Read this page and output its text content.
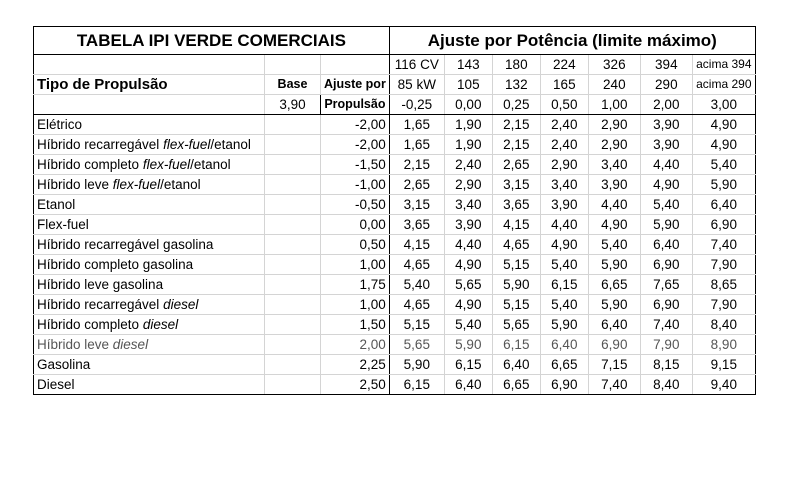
TABELA IPI VERDE COMERCIAIS			Ajuste por Potência (limite máximo)						
			116 CV	143	180	224	326	394	acima 394
Tipo de Propulsão	Base	Ajuste por	85 kW	105	132	165	240	290	acima 290
	3,90	Propulsão	-0,25	0,00	0,25	0,50	1,00	2,00	3,00
Elétrico		-2,00	1,65	1,90	2,15	2,40	2,90	3,90	4,90
Híbrido recarregável flex-fuel/etanol		-2,00	1,65	1,90	2,15	2,40	2,90	3,90	4,90
Híbrido completo flex-fuel/etanol		-1,50	2,15	2,40	2,65	2,90	3,40	4,40	5,40
Híbrido leve flex-fuel/etanol		-1,00	2,65	2,90	3,15	3,40	3,90	4,90	5,90
Etanol		-0,50	3,15	3,40	3,65	3,90	4,40	5,40	6,40
Flex-fuel		0,00	3,65	3,90	4,15	4,40	4,90	5,90	6,90
Híbrido recarregável gasolina		0,50	4,15	4,40	4,65	4,90	5,40	6,40	7,40
Híbrido completo gasolina		1,00	4,65	4,90	5,15	5,40	5,90	6,90	7,90
Híbrido leve gasolina		1,75	5,40	5,65	5,90	6,15	6,65	7,65	8,65
Híbrido recarregável diesel		1,00	4,65	4,90	5,15	5,40	5,90	6,90	7,90
Híbrido completo diesel		1,50	5,15	5,40	5,65	5,90	6,40	7,40	8,40
Híbrido leve diesel		2,00	5,65	5,90	6,15	6,40	6,90	7,90	8,90
Gasolina		2,25	5,90	6,15	6,40	6,65	7,15	8,15	9,15
Diesel		2,50	6,15	6,40	6,65	6,90	7,40	8,40	9,40
